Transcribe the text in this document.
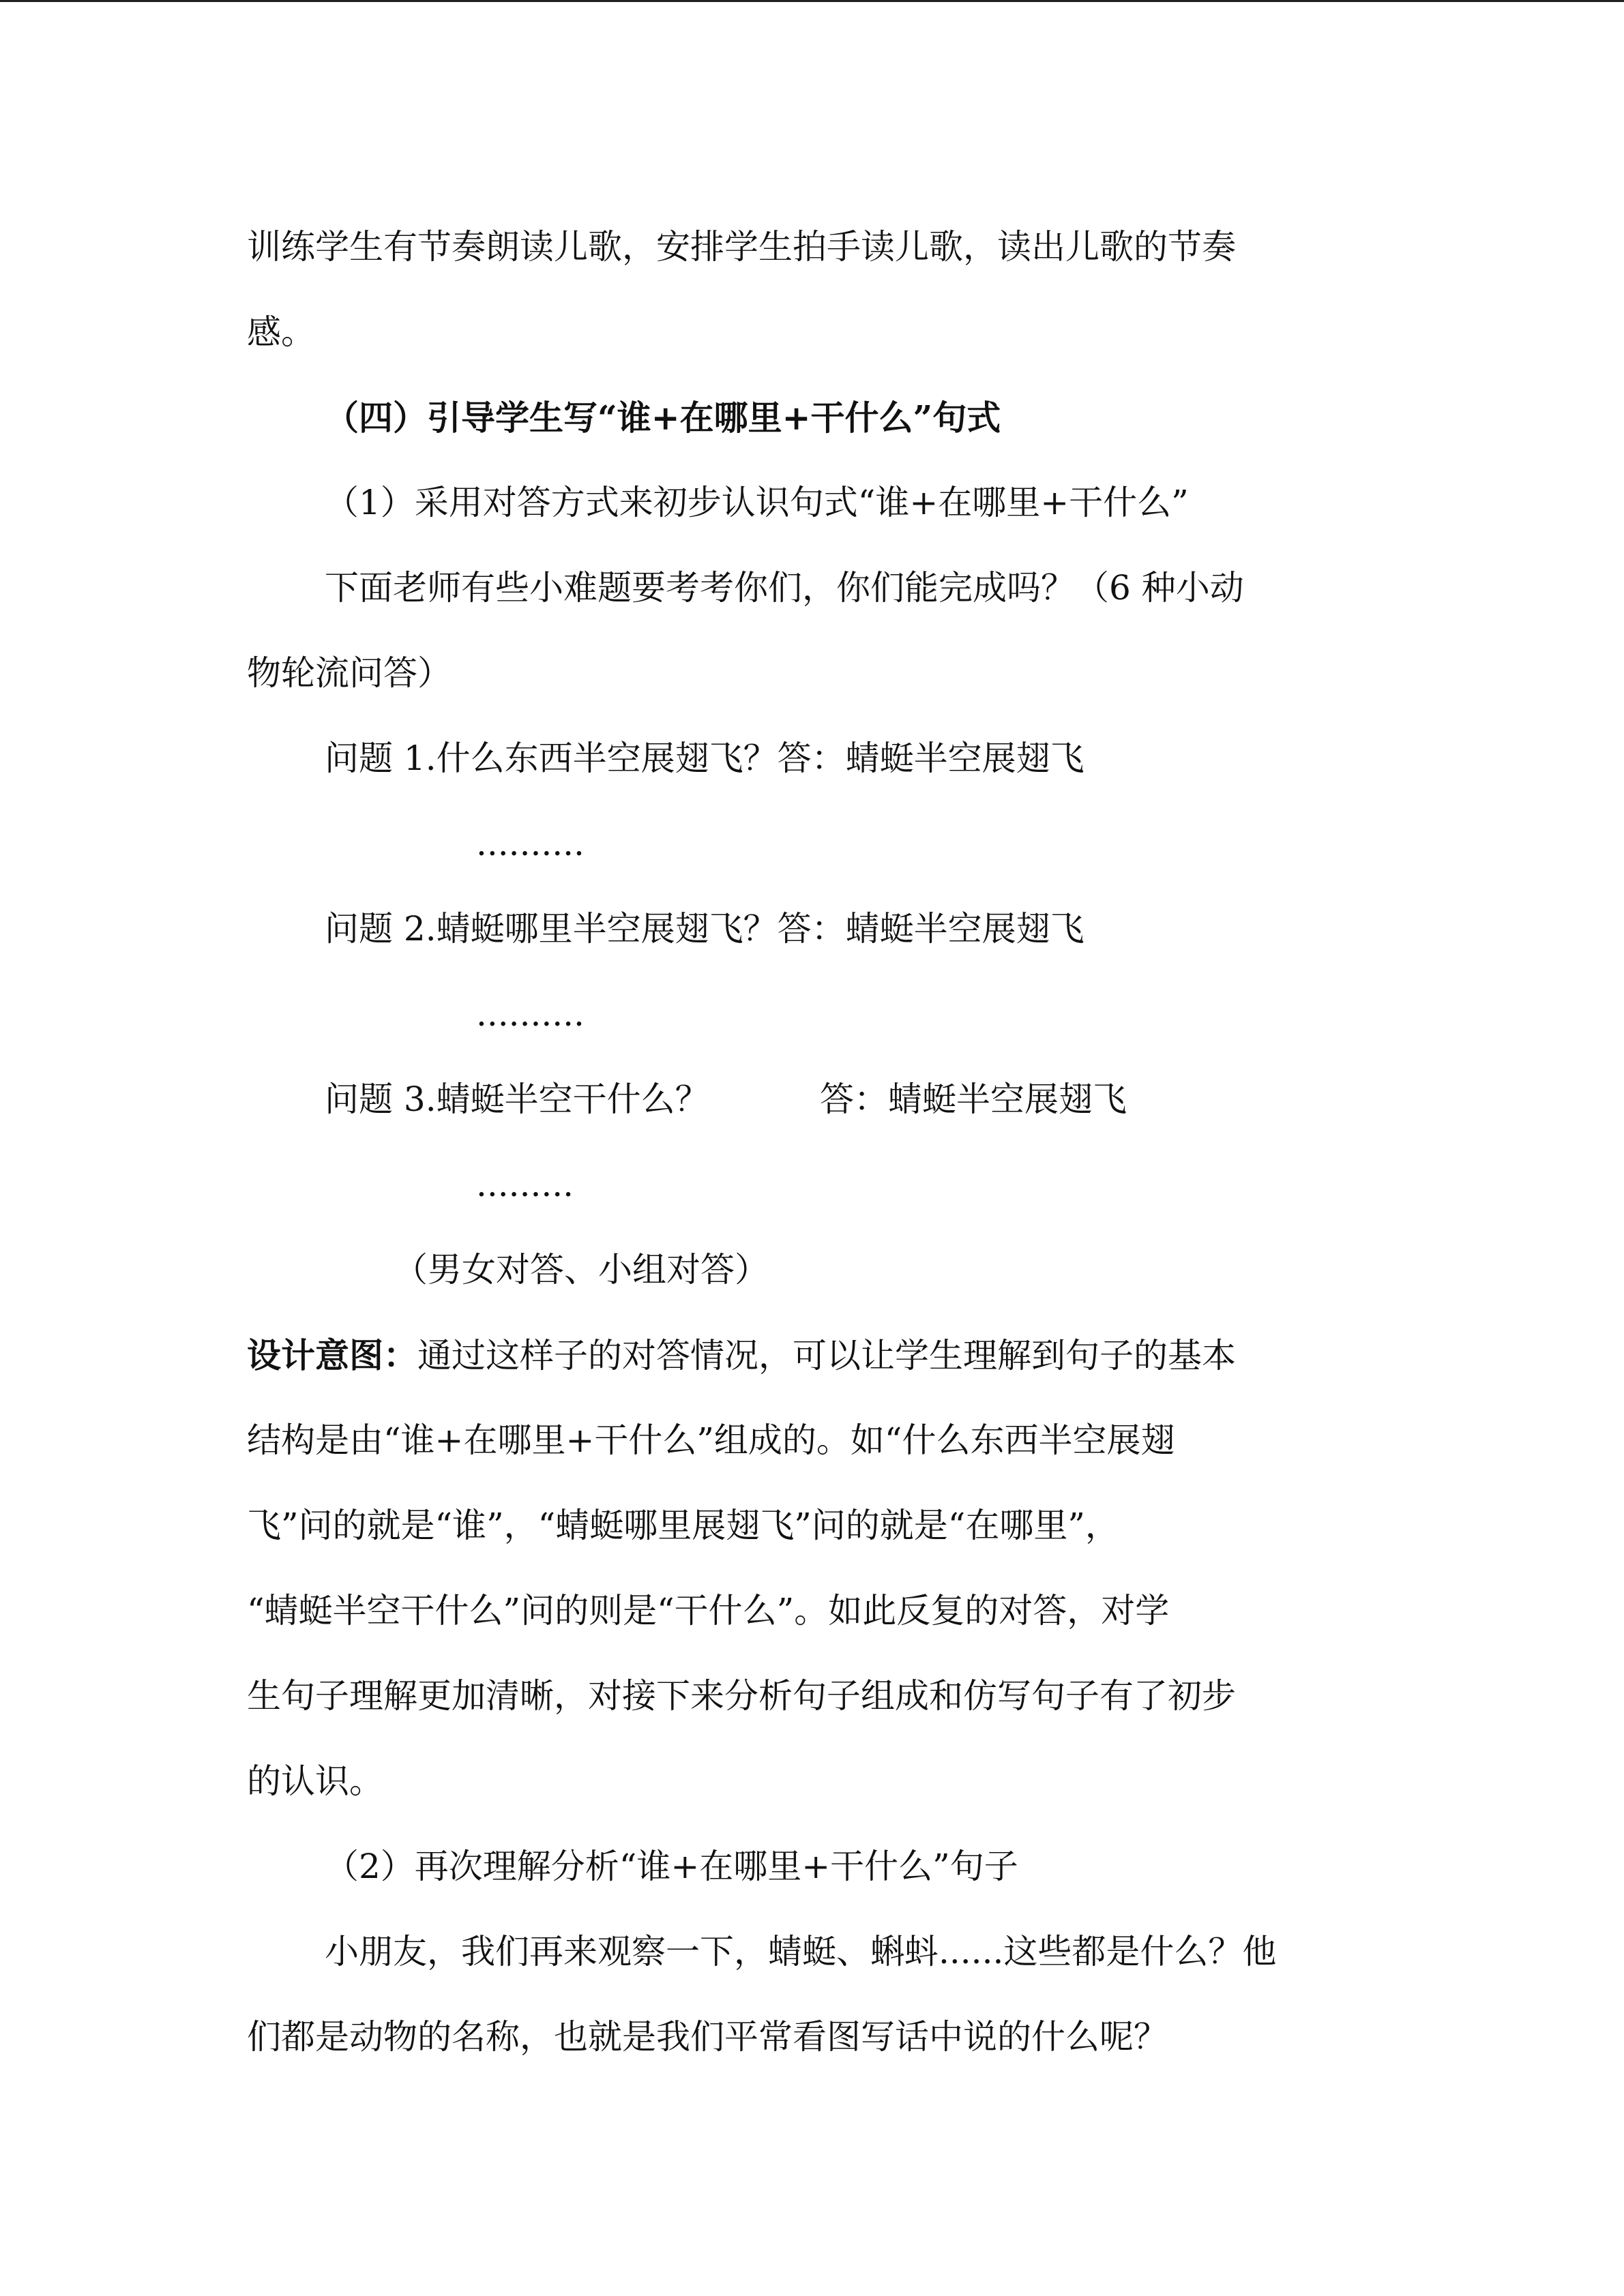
训练学生有节奏朗读儿歌，安排学生拍手读儿歌，读出儿歌的节奏
感。
（四）引导学生写“谁+在哪里+干什么”句式
（1）采用对答方式来初步认识句式“谁+在哪里+干什么”
下面老师有些小难题要考考你们，你们能完成吗？（6 种小动
物轮流问答）
问题 1.什么东西半空展翅飞？答：蜻蜓半空展翅飞
..........
问题 2.蜻蜓哪里半空展翅飞？答：蜻蜓半空展翅飞
..........
问题 3.蜻蜓半空干什么？	答：蜻蜓半空展翅飞
.........
（男女对答、小组对答）
设计意图：通过这样子的对答情况，可以让学生理解到句子的基本
结构是由“谁+在哪里+干什么”组成的。如“什么东西半空展翅
飞”问的就是“谁”，“蜻蜓哪里展翅飞”问的就是“在哪里”，
“蜻蜓半空干什么”问的则是“干什么”。如此反复的对答，对学
生句子理解更加清晰，对接下来分析句子组成和仿写句子有了初步
的认识。
（2）再次理解分析“谁+在哪里+干什么”句子
小朋友，我们再来观察一下，蜻蜓、蝌蚪......这些都是什么？他
们都是动物的名称，也就是我们平常看图写话中说的什么呢？
